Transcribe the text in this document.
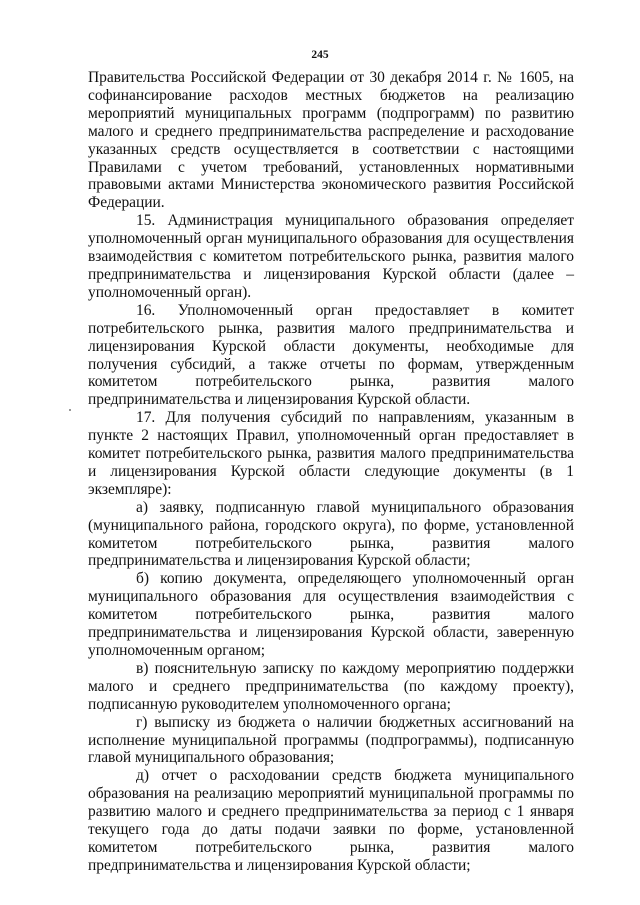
245

Правительства Российской Федерации от 30 декабря 2014 г. № 1605, на софинансирование расходов местных бюджетов на реализацию мероприятий муниципальных программ (подпрограмм) по развитию малого и среднего предпринимательства распределение и расходование указанных средств осуществляется в соответствии с настоящими Правилами с учетом требований, установленных нормативными правовыми актами Министерства экономического развития Российской Федерации.

15. Администрация муниципального образования определяет уполномоченный орган муниципального образования для осуществления взаимодействия с комитетом потребительского рынка, развития малого предпринимательства и лицензирования Курской области (далее – уполномоченный орган).

16. Уполномоченный орган предоставляет в комитет потребительского рынка, развития малого предпринимательства и лицензирования Курской области документы, необходимые для получения субсидий, а также отчеты по формам, утвержденным комитетом потребительского рынка, развития малого предпринимательства и лицензирования Курской области.

17. Для получения субсидий по направлениям, указанным в пункте 2 настоящих Правил, уполномоченный орган предоставляет в комитет потребительского рынка, развития малого предпринимательства и лицензирования Курской области следующие документы (в 1 экземпляре):

а) заявку, подписанную главой муниципального образования (муниципального района, городского округа), по форме, установленной комитетом потребительского рынка, развития малого предпринимательства и лицензирования Курской области;

б) копию документа, определяющего уполномоченный орган муниципального образования для осуществления взаимодействия с комитетом потребительского рынка, развития малого предпринимательства и лицензирования Курской области, заверенную уполномоченным органом;

в) пояснительную записку по каждому мероприятию поддержки малого и среднего предпринимательства (по каждому проекту), подписанную руководителем уполномоченного органа;

г) выписку из бюджета о наличии бюджетных ассигнований на исполнение муниципальной программы (подпрограммы), подписанную главой муниципального образования;

д) отчет о расходовании средств бюджета муниципального образования на реализацию мероприятий муниципальной программы по развитию малого и среднего предпринимательства за период с 1 января текущего года до даты подачи заявки по форме, установленной комитетом потребительского рынка, развития малого предпринимательства и лицензирования Курской области;
